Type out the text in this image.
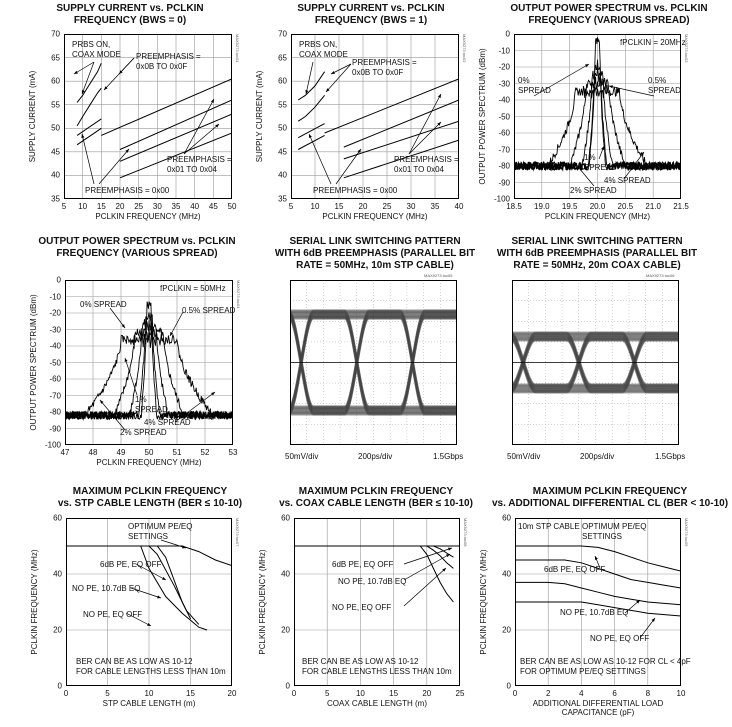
SUPPLY CURRENT vs. PCLKIN
FREQUENCY (BWS = 0)
SUPPLY CURRENT vs. PCLKIN
FREQUENCY (BWS = 1)
OUTPUT POWER SPECTRUM vs. PCLKIN
FREQUENCY (VARIOUS SPREAD)
OUTPUT POWER SPECTRUM vs. PCLKIN
FREQUENCY (VARIOUS SPREAD)
SERIAL LINK SWITCHING PATTERN
WITH 6dB PREEMPHASIS (PARALLEL BIT
RATE = 50MHz, 10m STP CABLE)
SERIAL LINK SWITCHING PATTERN
WITH 6dB PREEMPHASIS (PARALLEL BIT
RATE = 50MHz, 20m COAX CABLE)
MAXIMUM PCLKIN FREQUENCY
vs. STP CABLE LENGTH (BER ≤ 10-10)
MAXIMUM PCLKIN FREQUENCY
vs. COAX CABLE LENGTH (BER ≤ 10-10)
MAXIMUM PCLKIN FREQUENCY
vs. ADDITIONAL DIFFERENTIAL CL (BER < 10-10)
MAX9273 toc01	MAX9273 toc02	MAX9273 toc03
MAX9273 toc04
MAX9273 toc05	MAX9273 toc06
MAX9273 toc07	MAX9273 toc08	MAX9273 toc09
50mV/div	200ps/div	1.5Gbps	50mV/div	200ps/div	1.5Gbps
PRBS ON,
COAX MODE PREEMPHASIS =
0x0B TO 0x0F
PREEMPHASIS =
0x01 TO 0x04
PREEMPHASIS = 0x00
PRBS ON,
COAX MODE
PREEMPHASIS =
0x0B TO 0x0F
PREEMPHASIS =
0x01 TO 0x04
PREEMPHASIS = 0x00
fPCLKIN = 20MHz
0%
SPREAD
0.5%
SPREAD
1%
SPREAD
4% SPREAD
2% SPREAD
fPCLKIN = 50MHz
0% SPREAD
0.5% SPREAD
1%
SPREAD
4% SPREAD
2% SPREAD
OPTIMUM PE/EQ
SETTINGS
6dB PE, EQ OFF
NO PE, 10.7dB EQ
NO PE, EQ OFF
BER CAN BE AS LOW AS 10-12
FOR CABLE LENGTHS LESS THAN 10m
6dB PE, EQ OFF
NO PE, 10.7dB EQ
NO PE, EQ OFF
BER CAN BE AS LOW AS 10-12
FOR CABLE LENGTHS LESS THAN 10m
10m STP CABLE OPTIMUM PE/EQ
SETTINGS
6dB PE, EQ OFF
NO PE, 10.7dB EQ
NO PE, EQ OFF
BER CAN BE AS LOW AS 10-12 FOR CL < 4pF
FOR OPTIMUM PE/EQ SETTINGS
5 10 15 20 25 30 35 40 45 50
35
40
45
50
55
60
65
70
PCLKIN FREQUENCY (MHz)
SUPPLY CURRENT (mA)
5 10 15 20 25 30 35 40
35
40
45
50
55
60
65
70
PCLKIN FREQUENCY (MHz)
SUPPLY CURRENT (mA)
0	5	10	15	20
0
20
40
60
STP CABLE LENGTH (m)
PCLKIN FREQUENCY (MHz)
0	5	10	15	20	25
0
20
40
60
COAX CABLE LENGTH (m)
PCLKIN FREQUENCY (MHz)
0	2	4	6	8	10
0
20
40
60
ADDITIONAL DIFFERENTIAL LOAD CAPACITANCE (pF)
PCLKIN FREQUENCY (MHz)
18.5 19.0 19.5 20.0 20.5 21.0 21.5
0
-10
-20
-30
-40
-50
-60
-70
-80
-90
-100
PCLKIN FREQUENCY (MHz)
OUTPUT POWER SPECTRUM (dBm)
47 48 49 50 51 52 53
0
-10
-20
-30
-40
-50
-60
-70
-80
-90
-100
PCLKIN FREQUENCY (MHz)
OUTPUT POWER SPECTRUM (dBm)
